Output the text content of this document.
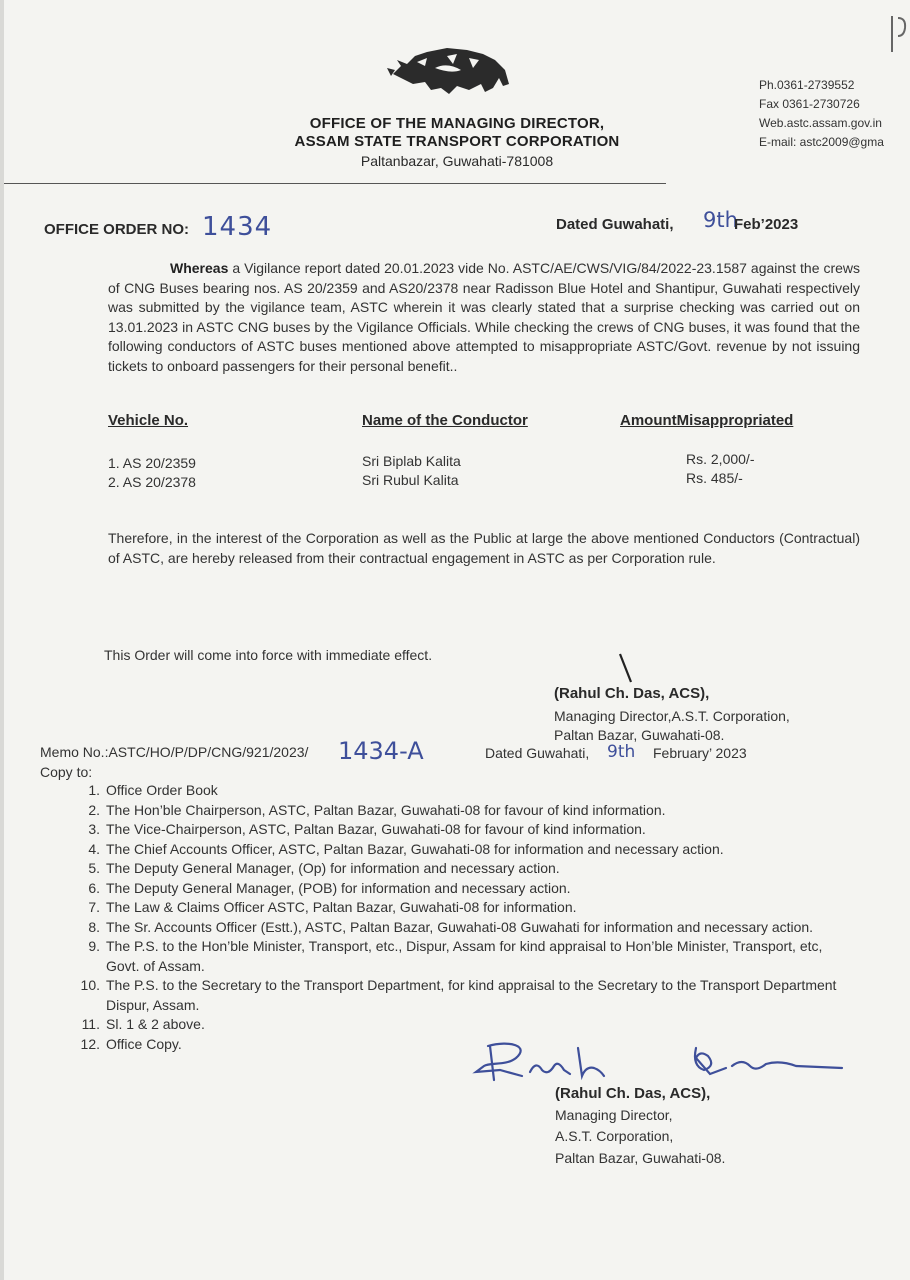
OFFICE OF THE MANAGING DIRECTOR,
ASSAM STATE TRANSPORT CORPORATION
Paltanbazar, Guwahati-781008
Ph.0361-2739552
Fax 0361-2730726
Web.astc.assam.gov.in
E-mail: astc2009@gma
OFFICE ORDER NO: 1434	Dated Guwahati, 9th
Feb’2023
Whereas a Vigilance report dated 20.01.2023 vide No. ASTC/AE/CWS/VIG/84/2022-23.1587 against the crews of CNG Buses bearing nos. AS 20/2359 and AS20/2378 near Radisson Blue Hotel and Shantipur, Guwahati respectively was submitted by the vigilance team, ASTC wherein it was clearly stated that a surprise checking was carried out on 13.01.2023 in ASTC CNG buses by the Vigilance Officials. While checking the crews of CNG buses, it was found that the following conductors of ASTC buses mentioned above attempted to misappropriate ASTC/Govt. revenue by not issuing tickets to onboard passengers for their personal benefit..
Vehicle No.	Name of the Conductor	AmountMisappropriated
1. AS 20/2359	Sri Biplab Kalita	Rs. 2,000/-
2. AS 20/2378	Sri Rubul Kalita	Rs. 485/-
Therefore, in the interest of the Corporation as well as the Public at large the above mentioned Conductors (Contractual) of ASTC, are hereby released from their contractual engagement in ASTC as per Corporation rule.
This Order will come into force with immediate effect.
(Rahul Ch. Das, ACS),
Managing Director,A.S.T. Corporation,
Paltan Bazar, Guwahati-08.
Memo No.:ASTC/HO/P/DP/CNG/921/2023/ 1434-A	Dated Guwahati, 9th February’ 2023
Copy to:
1. Office Order Book
2. The Hon’ble Chairperson, ASTC, Paltan Bazar, Guwahati-08 for favour of kind information.
3. The Vice-Chairperson, ASTC, Paltan Bazar, Guwahati-08 for favour of kind information.
4. The Chief Accounts Officer, ASTC, Paltan Bazar, Guwahati-08 for information and necessary action.
5. The Deputy General Manager, (Op) for information and necessary action.
6. The Deputy General Manager, (POB) for information and necessary action.
7. The Law & Claims Officer ASTC, Paltan Bazar, Guwahati-08 for information.
8. The Sr. Accounts Officer (Estt.), ASTC, Paltan Bazar, Guwahati-08 Guwahati for information and necessary action.
9. The P.S. to the Hon’ble Minister, Transport, etc., Dispur, Assam for kind appraisal to Hon’ble Minister, Transport, etc, Govt. of Assam.
10. The P.S. to the Secretary to the Transport Department, for kind appraisal to the Secretary to the Transport Department Dispur, Assam.
11. Sl. 1 & 2 above.
12. Office Copy.
(Rahul Ch. Das, ACS),
Managing Director,
A.S.T. Corporation,
Paltan Bazar, Guwahati-08.
